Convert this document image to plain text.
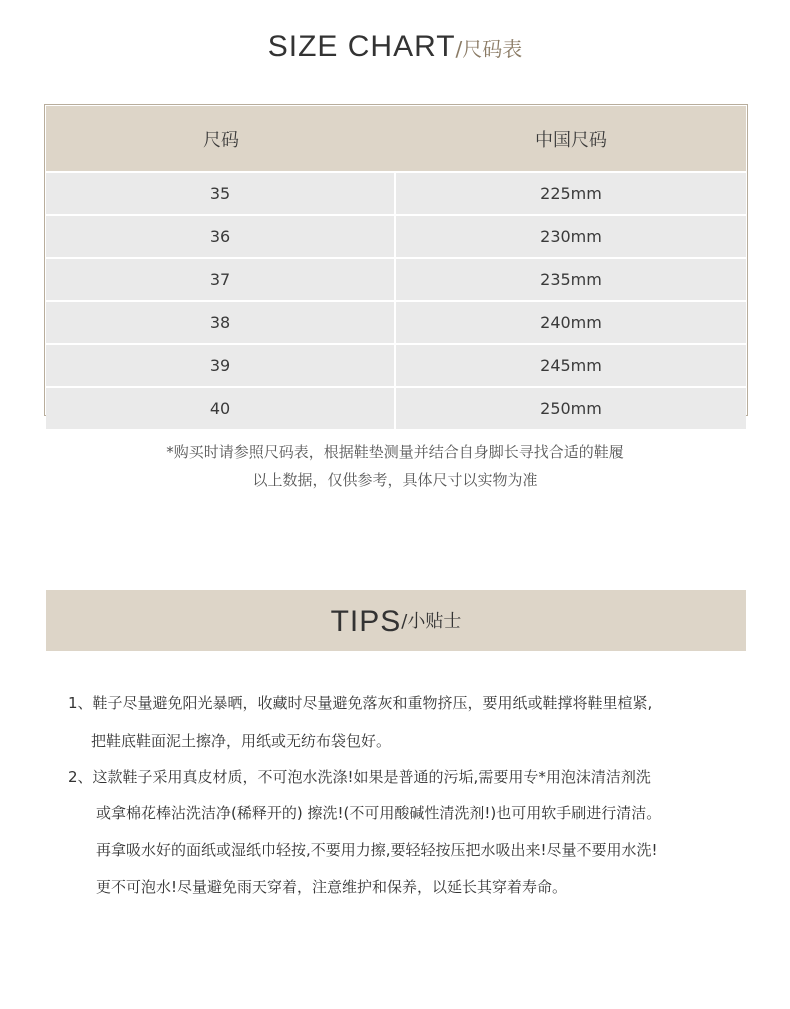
SIZE CHART/尺码表
尺码	中国尺码
35	225mm
36	230mm
37	235mm
38	240mm
39	245mm
40	250mm
*购买时请参照尺码表，根据鞋垫测量并结合自身脚长寻找合适的鞋履
以上数据，仅供参考，具体尺寸以实物为准
TIPS/小贴士
1、鞋子尽量避免阳光暴晒，收藏时尽量避免落灰和重物挤压，要用纸或鞋撑将鞋里楦紧,
把鞋底鞋面泥土擦净，用纸或无纺布袋包好。
2、这款鞋子采用真皮材质，不可泡水洗涤!如果是普通的污垢,需要用专*用泡沫清洁剂洗
或拿棉花棒沾洗洁净(稀释开的) 擦洗!(不可用酸碱性清洗剂!)也可用软手刷进行清洁。
再拿吸水好的面纸或湿纸巾轻按,不要用力擦,要轻轻按压把水吸出来!尽量不要用水洗!
更不可泡水!尽量避免雨天穿着，注意维护和保养，以延长其穿着寿命。
